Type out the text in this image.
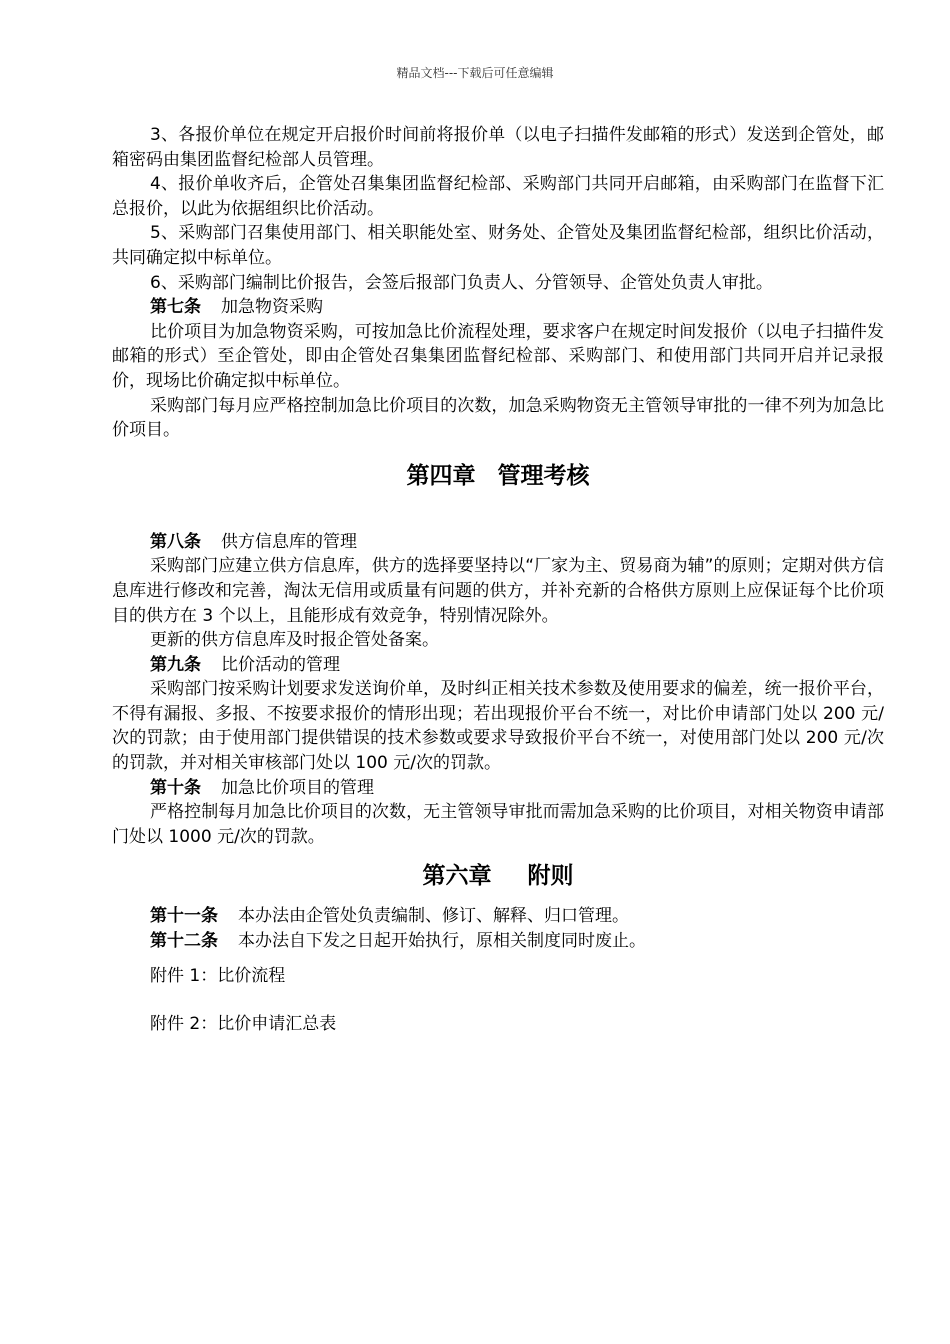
精品文档---下载后可任意编辑

3、各报价单位在规定开启报价时间前将报价单（以电子扫描件发邮箱的形式）发送到企管处，邮箱密码由集团监督纪检部人员管理。

4、报价单收齐后，企管处召集集团监督纪检部、采购部门共同开启邮箱，由采购部门在监督下汇总报价，以此为依据组织比价活动。

5、采购部门召集使用部门、相关职能处室、财务处、企管处及集团监督纪检部，组织比价活动，共同确定拟中标单位。

6、采购部门编制比价报告，会签后报部门负责人、分管领导、企管处负责人审批。

第七条 加急物资采购

比价项目为加急物资采购，可按加急比价流程处理，要求客户在规定时间发报价（以电子扫描件发邮箱的形式）至企管处，即由企管处召集集团监督纪检部、采购部门、和使用部门共同开启并记录报价，现场比价确定拟中标单位。

采购部门每月应严格控制加急比价项目的次数，加急采购物资无主管领导审批的一律不列为加急比价项目。

第四章 管理考核

第八条 供方信息库的管理

采购部门应建立供方信息库，供方的选择要坚持以“厂家为主、贸易商为辅”的原则；定期对供方信息库进行修改和完善，淘汰无信用或质量有问题的供方，并补充新的合格供方原则上应保证每个比价项目的供方在 3 个以上，且能形成有效竞争，特别情况除外。

更新的供方信息库及时报企管处备案。

第九条 比价活动的管理

采购部门按采购计划要求发送询价单，及时纠正相关技术参数及使用要求的偏差，统一报价平台，不得有漏报、多报、不按要求报价的情形出现；若出现报价平台不统一，对比价申请部门处以 200 元/次的罚款；由于使用部门提供错误的技术参数或要求导致报价平台不统一，对使用部门处以 200 元/次的罚款，并对相关审核部门处以 100 元/次的罚款。

第十条 加急比价项目的管理

严格控制每月加急比价项目的次数，无主管领导审批而需加急采购的比价项目，对相关物资申请部门处以 1000 元/次的罚款。

第六章 附则

第十一条 本办法由企管处负责编制、修订、解释、归口管理。

第十二条 本办法自下发之日起开始执行，原相关制度同时废止。

附件 1：比价流程

附件 2：比价申请汇总表
